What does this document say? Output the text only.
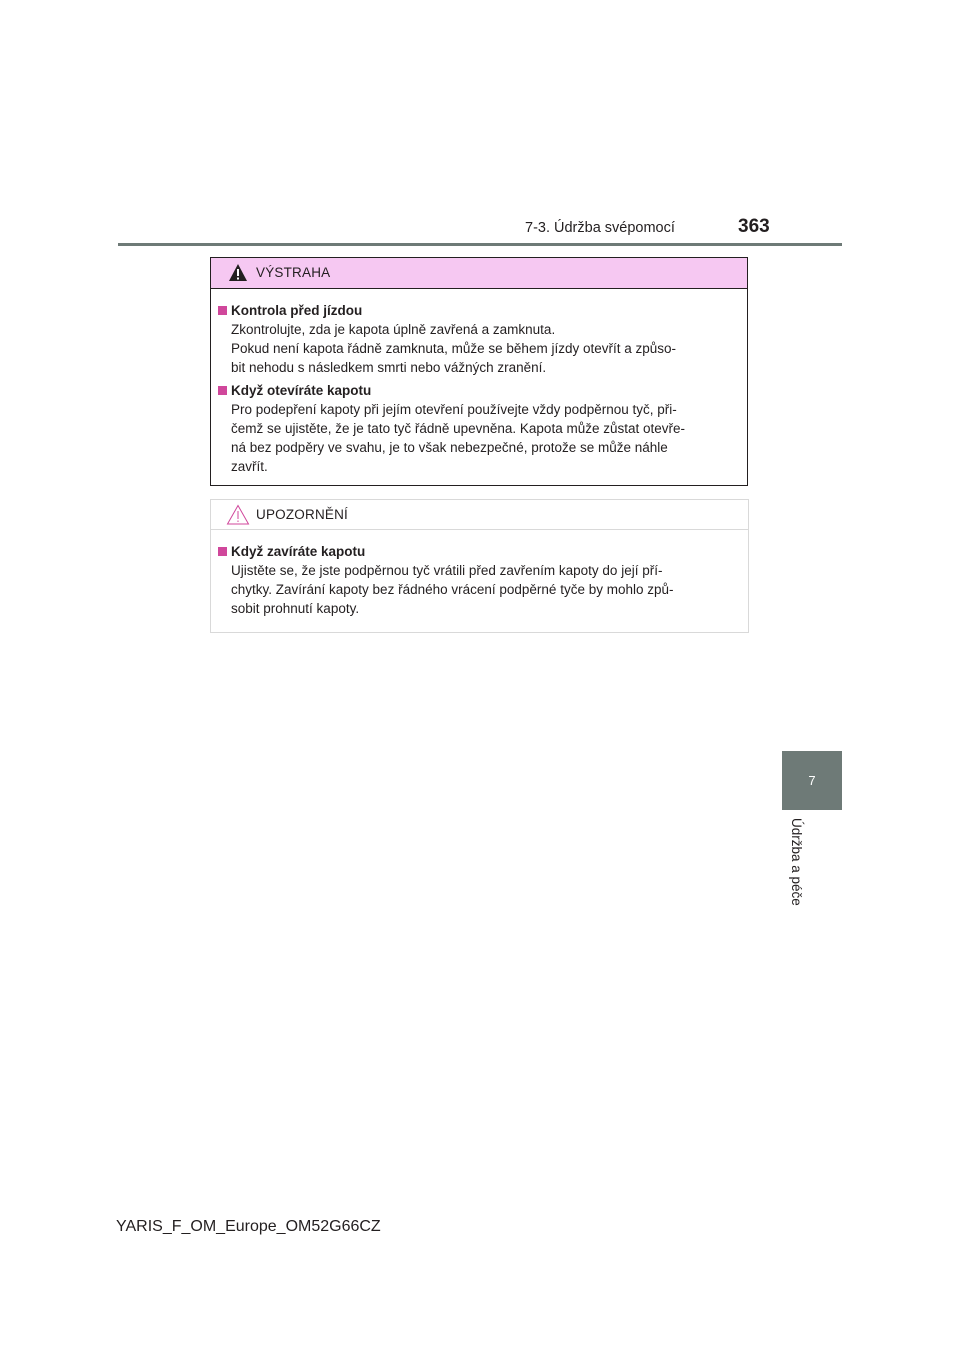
7-3. Údržba svépomocí	363
VÝSTRAHA
Kontrola před jízdou
Zkontrolujte, zda je kapota úplně zavřená a zamknuta.
Pokud není kapota řádně zamknuta, může se během jízdy otevřít a způso-
bit nehodu s následkem smrti nebo vážných zranění.
Když otevíráte kapotu
Pro podepření kapoty při jejím otevření používejte vždy podpěrnou tyč, při-
čemž se ujistěte, že je tato tyč řádně upevněna. Kapota může zůstat otevře-
ná bez podpěry ve svahu, je to však nebezpečné, protože se může náhle
zavřít.
UPOZORNĚNÍ
Když zavíráte kapotu
Ujistěte se, že jste podpěrnou tyč vrátili před zavřením kapoty do její pří-
chytky. Zavírání kapoty bez řádného vrácení podpěrné tyče by mohlo způ-
sobit prohnutí kapoty.
7
Údržba a péče
YARIS_F_OM_Europe_OM52G66CZ
